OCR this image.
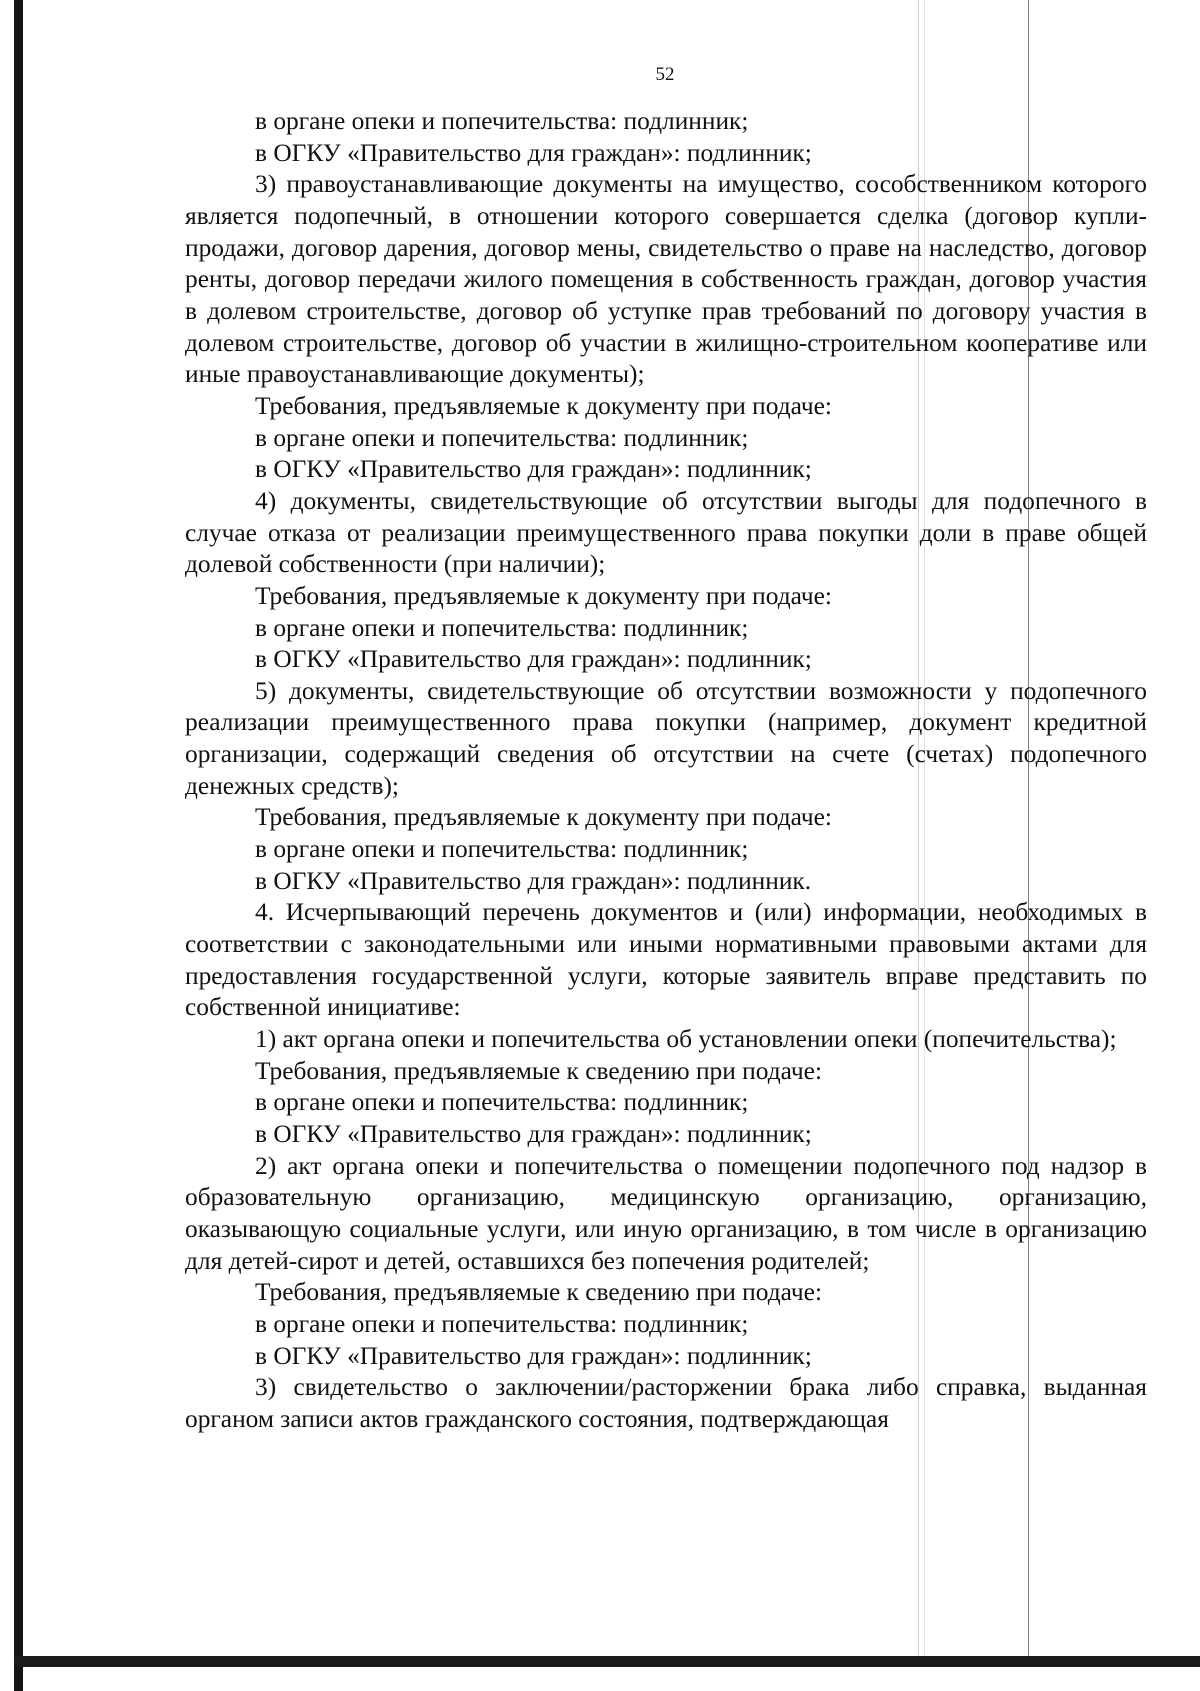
52

в органе опеки и попечительства: подлинник;

в ОГКУ «Правительство для граждан»: подлинник;

3) правоустанавливающие документы на имущество, сособственником которого является подопечный, в отношении которого совершается сделка (договор купли-продажи, договор дарения, договор мены, свидетельство о праве на наследство, договор ренты, договор передачи жилого помещения в собственность граждан, договор участия в долевом строительстве, договор об уступке прав требований по договору участия в долевом строительстве, договор об участии в жилищно-строительном кооперативе или иные правоустанавливающие документы);

Требования, предъявляемые к документу при подаче:

в органе опеки и попечительства: подлинник;

в ОГКУ «Правительство для граждан»: подлинник;

4) документы, свидетельствующие об отсутствии выгоды для подопечного в случае отказа от реализации преимущественного права покупки доли в праве общей долевой собственности (при наличии);

Требования, предъявляемые к документу при подаче:

в органе опеки и попечительства: подлинник;

в ОГКУ «Правительство для граждан»: подлинник;

5) документы, свидетельствующие об отсутствии возможности у подопечного реализации преимущественного права покупки (например, документ кредитной организации, содержащий сведения об отсутствии на счете (счетах) подопечного денежных средств);

Требования, предъявляемые к документу при подаче:

в органе опеки и попечительства: подлинник;

в ОГКУ «Правительство для граждан»: подлинник.

4. Исчерпывающий перечень документов и (или) информации, необходимых в соответствии с законодательными или иными нормативными правовыми актами для предоставления государственной услуги, которые заявитель вправе представить по собственной инициативе:

1) акт органа опеки и попечительства об установлении опеки (попечительства);

Требования, предъявляемые к сведению при подаче:

в органе опеки и попечительства: подлинник;

в ОГКУ «Правительство для граждан»: подлинник;

2) акт органа опеки и попечительства о помещении подопечного под надзор в образовательную организацию, медицинскую организацию, организацию, оказывающую социальные услуги, или иную организацию, в том числе в организацию для детей-сирот и детей, оставшихся без попечения родителей;

Требования, предъявляемые к сведению при подаче:

в органе опеки и попечительства: подлинник;

в ОГКУ «Правительство для граждан»: подлинник;

3) свидетельство о заключении/расторжении брака либо справка, выданная органом записи актов гражданского состояния, подтверждающая
